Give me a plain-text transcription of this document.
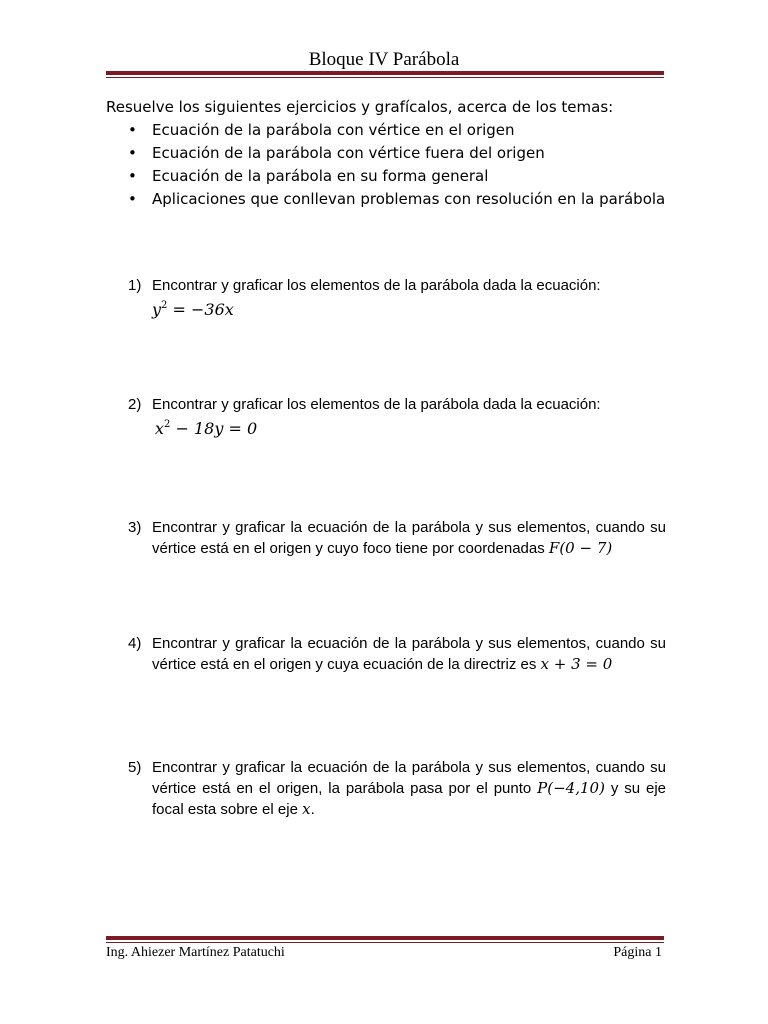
Bloque IV Parábola
Resuelve los siguientes ejercicios y grafícalos, acerca de los temas:
• Ecuación de la parábola con vértice en el origen
• Ecuación de la parábola con vértice fuera del origen
• Ecuación de la parábola en su forma general
• Aplicaciones que conllevan problemas con resolución en la parábola
1) Encontrar y graficar los elementos de la parábola dada la ecuación:
$y^2 = -36x$
2) Encontrar y graficar los elementos de la parábola dada la ecuación:
$x^2 - 18y = 0$
3) Encontrar y graficar la ecuación de la parábola y sus elementos, cuando su vértice está en el origen y cuyo foco tiene por coordenadas F(0 − 7)
4) Encontrar y graficar la ecuación de la parábola y sus elementos, cuando su vértice está en el origen y cuya ecuación de la directriz es x + 3 = 0
5) Encontrar y graficar la ecuación de la parábola y sus elementos, cuando su vértice está en el origen, la parábola pasa por el punto P(−4,10) y su eje focal esta sobre el eje x.
Ing. Ahiezer Martínez Patatuchi	Página 1
